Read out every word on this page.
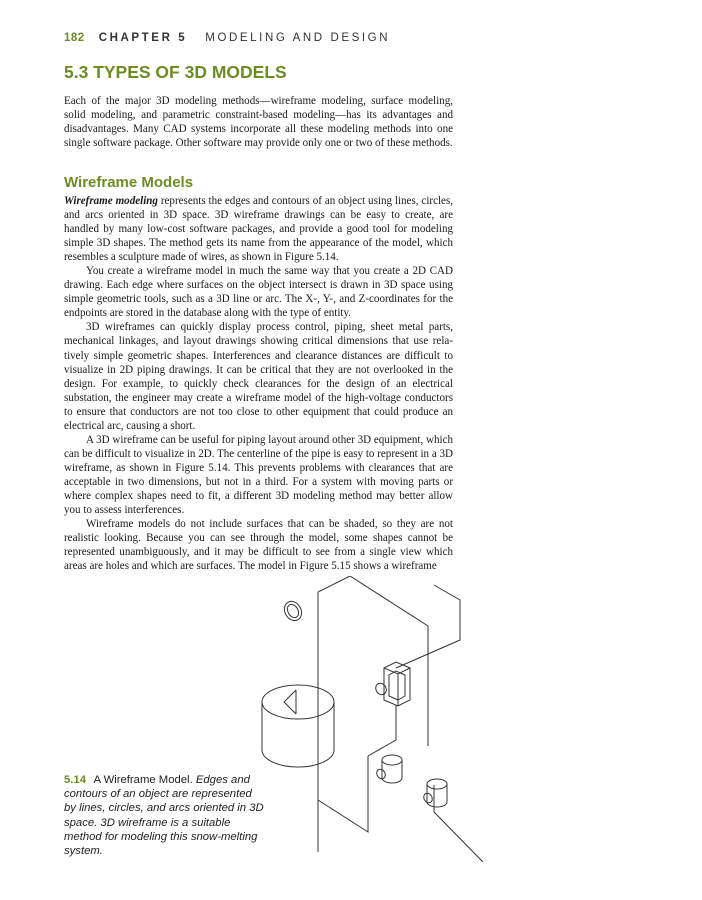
182 CHAPTER 5 MODELING AND DESIGN
5.3 TYPES OF 3D MODELS

Each of the major 3D modeling methods—wireframe modeling, surface modeling, solid modeling, and parametric constraint-based modeling—has its advantages and disadvantages. Many CAD systems incorporate all these modeling methods into one single software package. Other software may provide only one or two of these methods.

Wireframe Models

Wireframe modeling represents the edges and contours of an object using lines, circles, and arcs oriented in 3D space. 3D wireframe drawings can be easy to create, are handled by many low-cost software packages, and provide a good tool for modeling simple 3D shapes. The method gets its name from the appearance of the model, which resembles a sculpture made of wires, as shown in Figure 5.14.

You create a wireframe model in much the same way that you create a 2D CAD drawing. Each edge where surfaces on the object intersect is drawn in 3D space using simple geometric tools, such as a 3D line or arc. The X-, Y-, and Z-coordinates for the endpoints are stored in the database along with the type of entity.

3D wireframes can quickly display process control, piping, sheet metal parts, mechanical linkages, and layout drawings showing critical dimensions that use relatively simple geometric shapes. Interferences and clearance distances are difficult to visualize in 2D piping drawings. It can be critical that they are not overlooked in the design. For example, to quickly check clearances for the design of an electrical substation, the engineer may create a wireframe model of the high-voltage conductors to ensure that conductors are not too close to other equipment that could produce an electrical arc, causing a short.

A 3D wireframe can be useful for piping layout around other 3D equipment, which can be difficult to visualize in 2D. The centerline of the pipe is easy to represent in a 3D wireframe, as shown in Figure 5.14. This prevents problems with clearances that are acceptable in two dimensions, but not in a third. For a system with moving parts or where complex shapes need to fit, a different 3D modeling method may better allow you to assess interferences.

Wireframe models do not include surfaces that can be shaded, so they are not realistic looking. Because you can see through the model, some shapes cannot be represented unambiguously, and it may be difficult to see from a single view which areas are holes and which are surfaces. The model in Figure 5.15 shows a wireframe

5.14 A Wireframe Model. Edges and contours of an object are represented by lines, circles, and arcs oriented in 3D space. 3D wireframe is a suitable method for modeling this snow-melting system.
